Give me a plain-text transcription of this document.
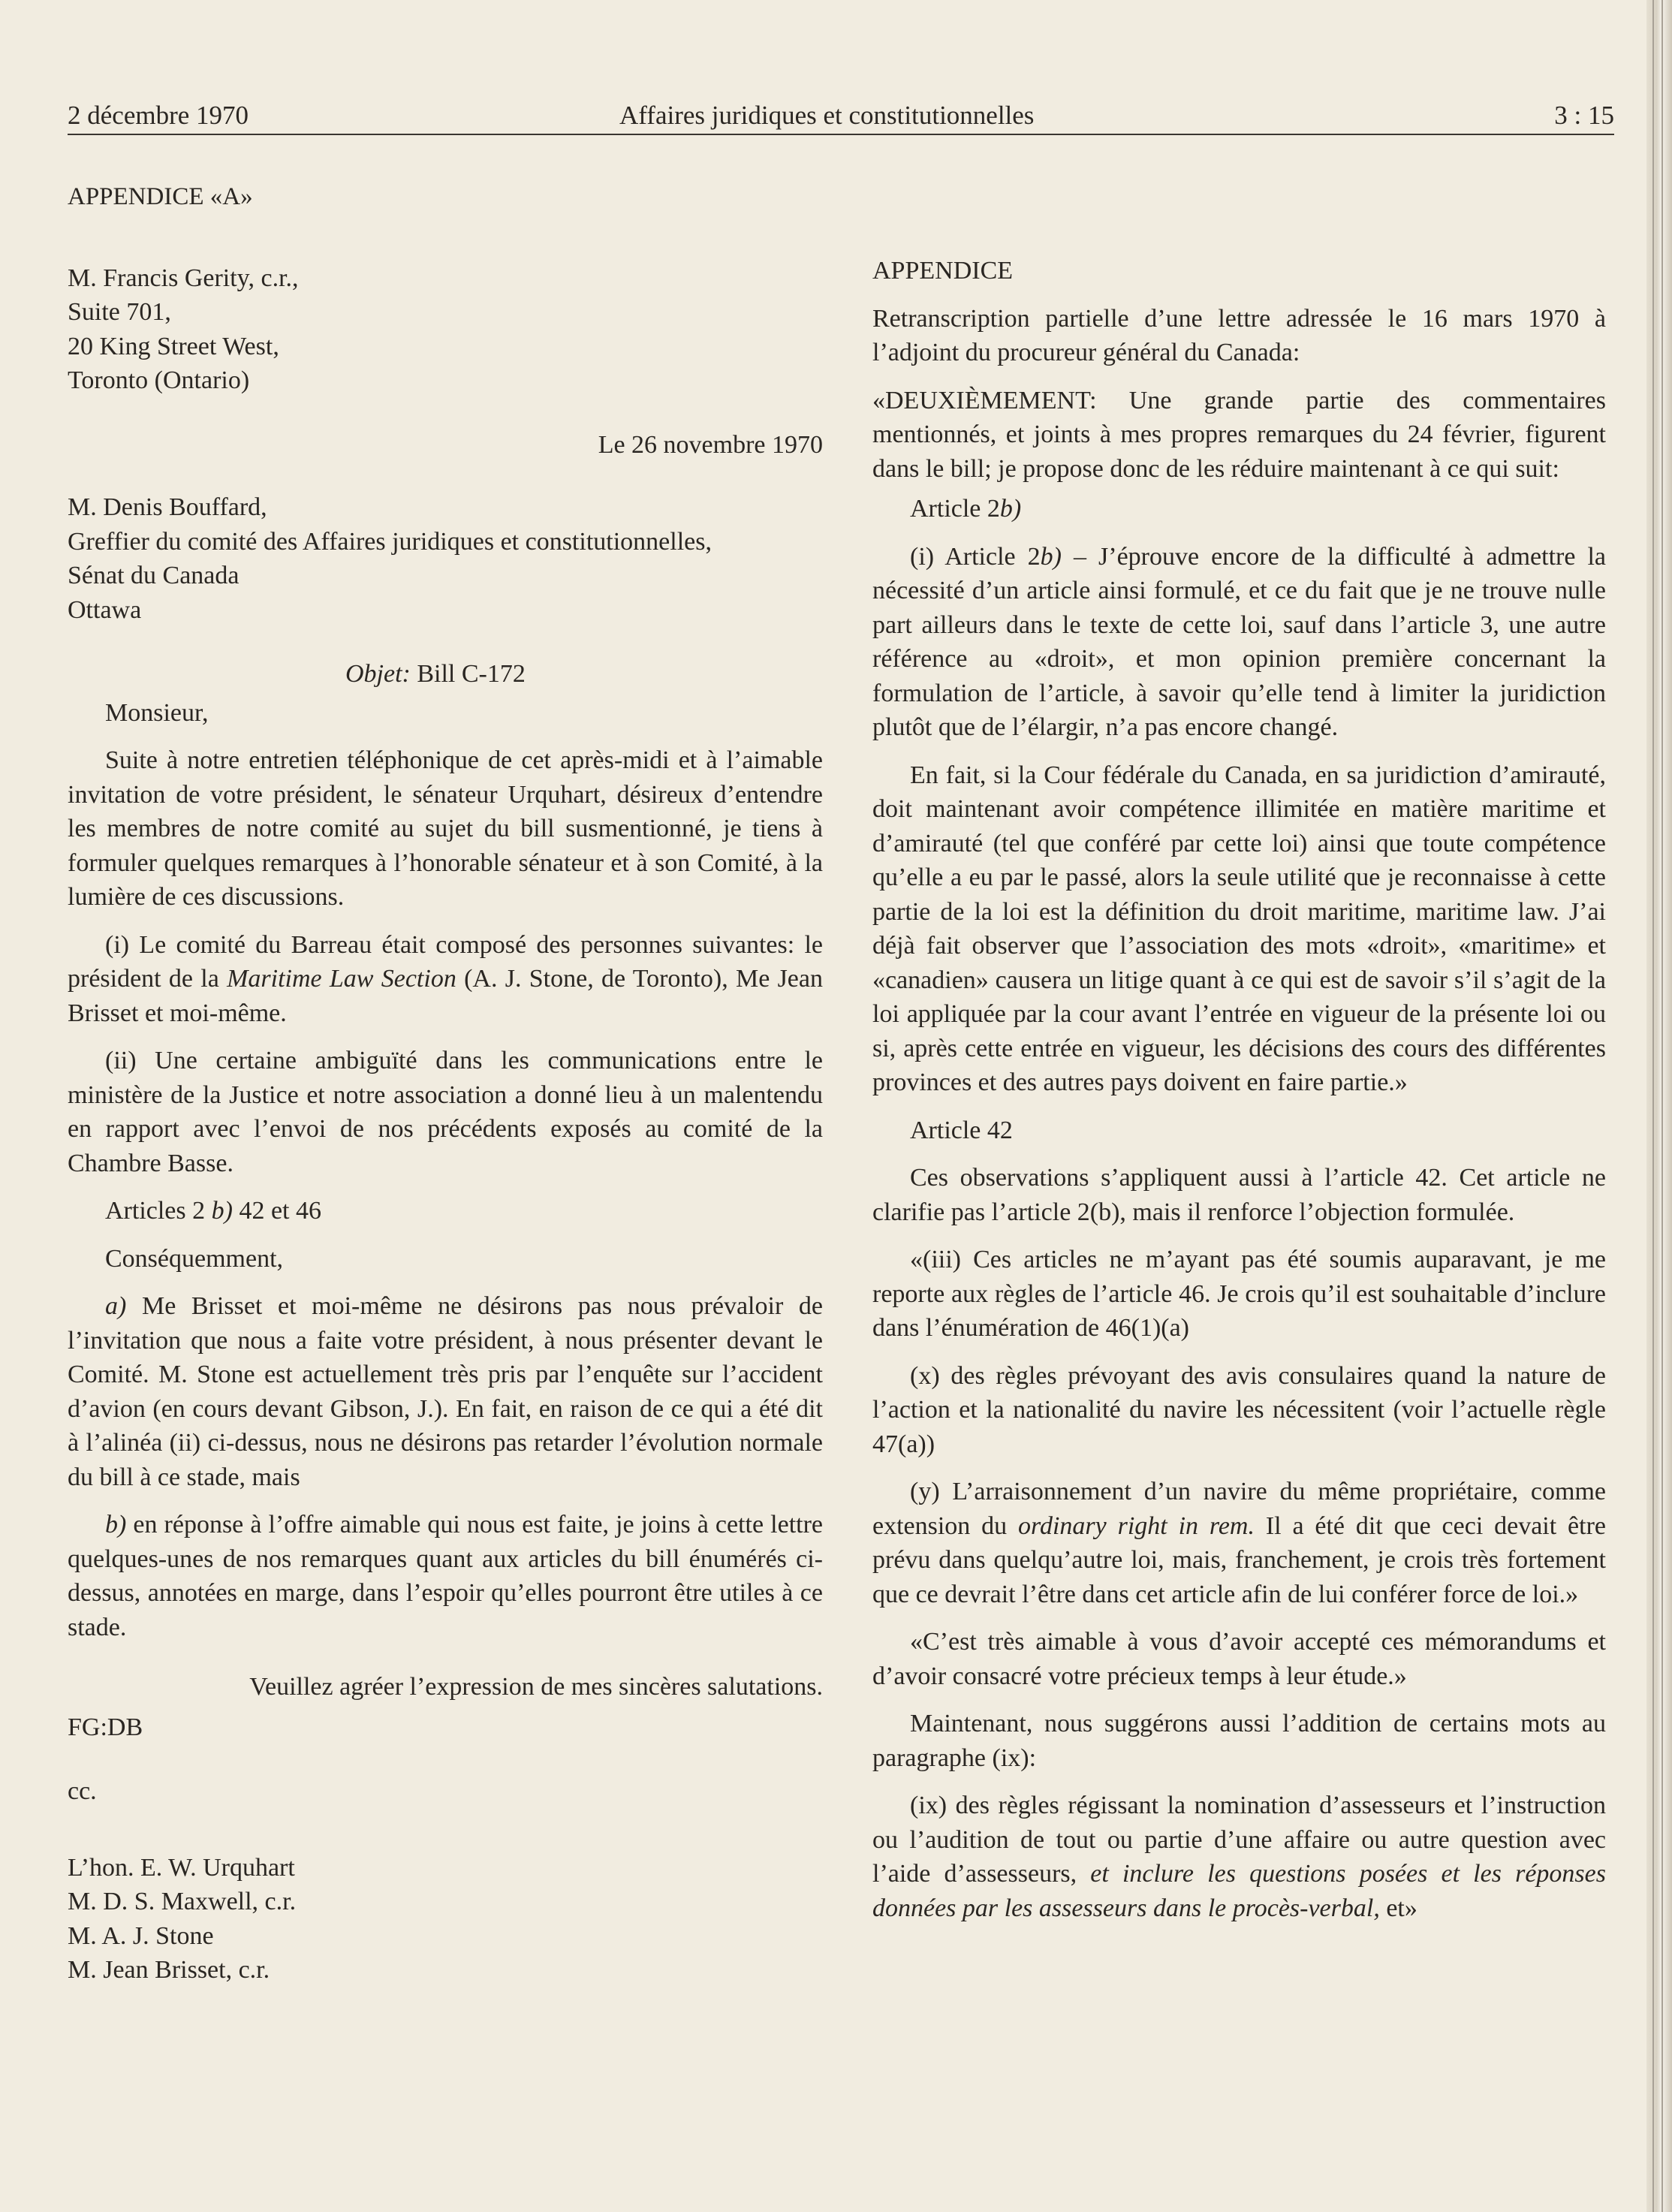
2 décembre 1970	Affaires juridiques et constitutionnelles	3 : 15

APPENDICE «A»

M. Francis Gerity, c.r.,

Suite 701,

20 King Street West,

Toronto (Ontario)

Le 26 novembre 1970

M. Denis Bouffard,

Greffier du comité des Affaires juridiques et constitutionnelles,

Sénat du Canada

Ottawa

Objet: Bill C-172

Monsieur,

Suite à notre entretien téléphonique de cet après-midi et à l’aimable invitation de votre président, le sénateur Urquhart, désireux d’entendre les membres de notre comité au sujet du bill susmentionné, je tiens à formuler quelques remarques à l’honorable sénateur et à son Comité, à la lumière de ces discussions.

(i) Le comité du Barreau était composé des personnes suivantes: le président de la Maritime Law Section (A. J. Stone, de Toronto), Me Jean Brisset et moi-même.

(ii) Une certaine ambiguïté dans les communications entre le ministère de la Justice et notre association a donné lieu à un malentendu en rapport avec l’envoi de nos précédents exposés au comité de la Chambre Basse.

Articles 2 b) 42 et 46

Conséquemment,

a) Me Brisset et moi-même ne désirons pas nous prévaloir de l’invitation que nous a faite votre président, à nous présenter devant le Comité. M. Stone est actuellement très pris par l’enquête sur l’accident d’avion (en cours devant Gibson, J.). En fait, en raison de ce qui a été dit à l’alinéa (ii) ci-dessus, nous ne désirons pas retarder l’évolution normale du bill à ce stade, mais

b) en réponse à l’offre aimable qui nous est faite, je joins à cette lettre quelques-unes de nos remarques quant aux articles du bill énumérés ci-dessus, annotées en marge, dans l’espoir qu’elles pourront être utiles à ce stade.

Veuillez agréer l’expression de mes sincères salutations.

FG:DB

cc.

L’hon. E. W. Urquhart

M. D. S. Maxwell, c.r.

M. A. J. Stone

M. Jean Brisset, c.r.

APPENDICE

Retranscription partielle d’une lettre adressée le 16 mars 1970 à l’adjoint du procureur général du Canada:

«DEUXIÈMEMENT: Une grande partie des commentaires mentionnés, et joints à mes propres remarques du 24 février, figurent dans le bill; je propose donc de les réduire maintenant à ce qui suit:

Article 2b)

(i) Article 2b) – J’éprouve encore de la difficulté à admettre la nécessité d’un article ainsi formulé, et ce du fait que je ne trouve nulle part ailleurs dans le texte de cette loi, sauf dans l’article 3, une autre référence au «droit», et mon opinion première concernant la formulation de l’article, à savoir qu’elle tend à limiter la juridiction plutôt que de l’élargir, n’a pas encore changé.

En fait, si la Cour fédérale du Canada, en sa juridiction d’amirauté, doit maintenant avoir compétence illimitée en matière maritime et d’amirauté (tel que conféré par cette loi) ainsi que toute compétence qu’elle a eu par le passé, alors la seule utilité que je reconnaisse à cette partie de la loi est la définition du droit maritime, maritime law. J’ai déjà fait observer que l’association des mots «droit», «maritime» et «canadien» causera un litige quant à ce qui est de savoir s’il s’agit de la loi appliquée par la cour avant l’entrée en vigueur de la présente loi ou si, après cette entrée en vigueur, les décisions des cours des différentes provinces et des autres pays doivent en faire partie.»

Article 42

Ces observations s’appliquent aussi à l’article 42. Cet article ne clarifie pas l’article 2(b), mais il renforce l’objection formulée.

«(iii) Ces articles ne m’ayant pas été soumis auparavant, je me reporte aux règles de l’article 46. Je crois qu’il est souhaitable d’inclure dans l’énumération de 46(1)(a)

(x) des règles prévoyant des avis consulaires quand la nature de l’action et la nationalité du navire les nécessitent (voir l’actuelle règle 47(a))

(y) L’arraisonnement d’un navire du même propriétaire, comme extension du ordinary right in rem. Il a été dit que ceci devait être prévu dans quelqu’autre loi, mais, franchement, je crois très fortement que ce devrait l’être dans cet article afin de lui conférer force de loi.»

«C’est très aimable à vous d’avoir accepté ces mémorandums et d’avoir consacré votre précieux temps à leur étude.»

Maintenant, nous suggérons aussi l’addition de certains mots au paragraphe (ix):

(ix) des règles régissant la nomination d’assesseurs et l’instruction ou l’audition de tout ou partie d’une affaire ou autre question avec l’aide d’assesseurs, et inclure les questions posées et les réponses données par les assesseurs dans le procès-verbal, et»
